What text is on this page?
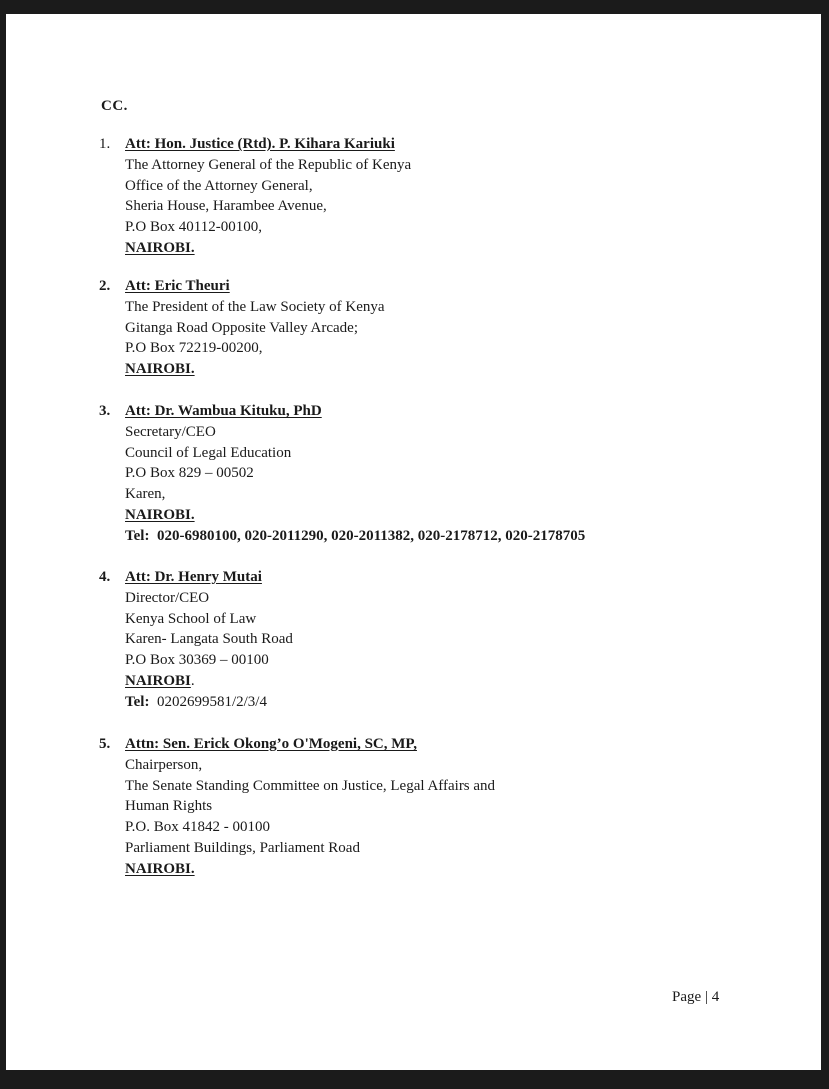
CC.
1. Att: Hon. Justice (Rtd). P. Kihara Kariuki
The Attorney General of the Republic of Kenya
Office of the Attorney General,
Sheria House, Harambee Avenue,
P.O Box 40112-00100,
NAIROBI.
2. Att: Eric Theuri
The President of the Law Society of Kenya
Gitanga Road Opposite Valley Arcade;
P.O Box 72219-00200,
NAIROBI.
3. Att: Dr. Wambua Kituku, PhD
Secretary/CEO
Council of Legal Education
P.O Box 829 – 00502
Karen,
NAIROBI.
Tel: 020-6980100, 020-2011290, 020-2011382, 020-2178712, 020-2178705
4. Att: Dr. Henry Mutai
Director/CEO
Kenya School of Law
Karen- Langata South Road
P.O Box 30369 – 00100
NAIROBI.
Tel: 0202699581/2/3/4
5. Attn: Sen. Erick Okong’o O'Mogeni, SC, MP,
Chairperson,
The Senate Standing Committee on Justice, Legal Affairs and
Human Rights
P.O. Box 41842 - 00100
Parliament Buildings, Parliament Road
NAIROBI.
Page | 4
